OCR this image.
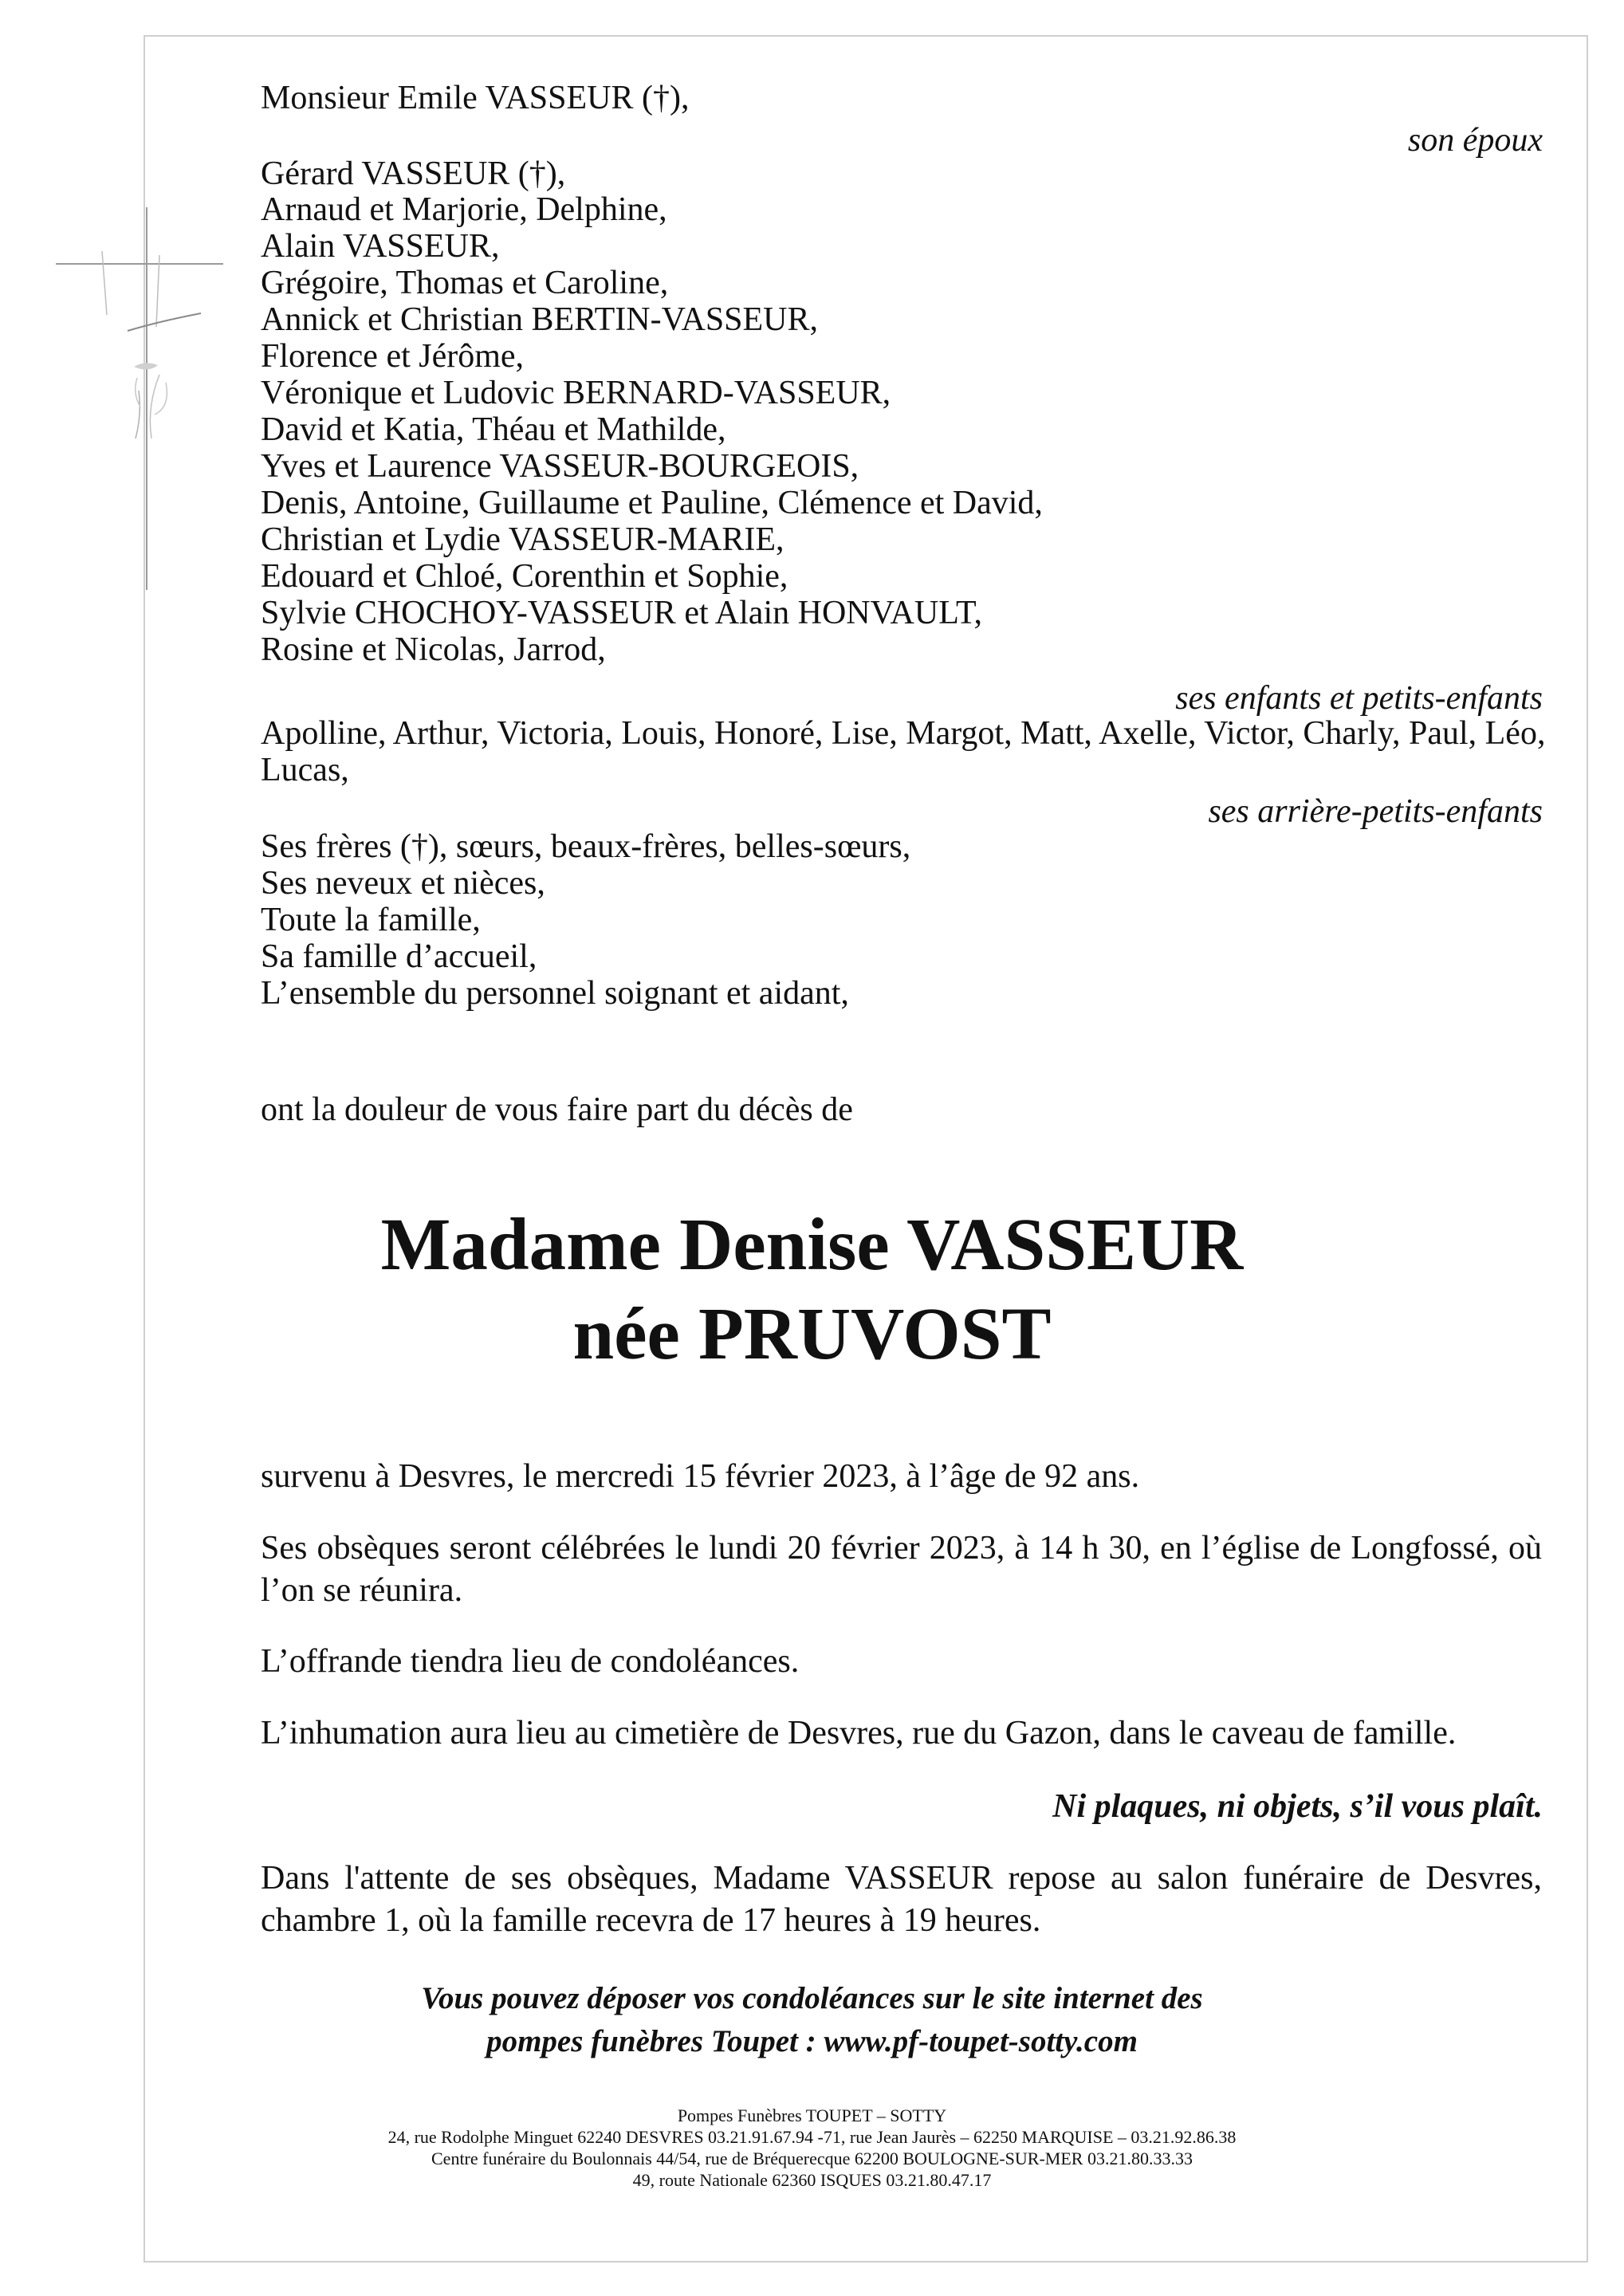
Monsieur Emile VASSEUR (†),
son époux
Gérard VASSEUR (†),
Arnaud et Marjorie, Delphine,
Alain VASSEUR,
Grégoire, Thomas et Caroline,
Annick et Christian BERTIN-VASSEUR,
Florence et Jérôme,
Véronique et Ludovic BERNARD-VASSEUR,
David et Katia, Théau et Mathilde,
Yves et Laurence VASSEUR-BOURGEOIS,
Denis, Antoine, Guillaume et Pauline, Clémence et David,
Christian et Lydie VASSEUR-MARIE,
Edouard et Chloé, Corenthin et Sophie,
Sylvie CHOCHOY-VASSEUR et Alain HONVAULT,
Rosine et Nicolas, Jarrod,
ses enfants et petits-enfants
Apolline, Arthur, Victoria, Louis, Honoré, Lise, Margot, Matt, Axelle, Victor, Charly, Paul, Léo,
Lucas,
ses arrière-petits-enfants
Ses frères (†), sœurs, beaux-frères, belles-sœurs,
Ses neveux et nièces,
Toute la famille,
Sa famille d’accueil,
L’ensemble du personnel soignant et aidant,
ont la douleur de vous faire part du décès de
Madame Denise VASSEUR
née PRUVOST
survenu à Desvres, le mercredi 15 février 2023, à l’âge de 92 ans.
Ses obsèques seront célébrées le lundi 20 février 2023, à 14 h 30, en l’église de Longfossé, où l’on se réunira.
L’offrande tiendra lieu de condoléances.
L’inhumation aura lieu au cimetière de Desvres, rue du Gazon, dans le caveau de famille.
Ni plaques, ni objets, s’il vous plaît.
Dans l'attente de ses obsèques, Madame VASSEUR repose au salon funéraire de Desvres, chambre 1, où la famille recevra de 17 heures à 19 heures.
Vous pouvez déposer vos condoléances sur le site internet des
pompes funèbres Toupet : www.pf-toupet-sotty.com
Pompes Funèbres TOUPET – SOTTY
24, rue Rodolphe Minguet 62240 DESVRES 03.21.91.67.94 -71, rue Jean Jaurès – 62250 MARQUISE – 03.21.92.86.38
Centre funéraire du Boulonnais 44/54, rue de Bréquerecque 62200 BOULOGNE-SUR-MER 03.21.80.33.33
49, route Nationale 62360 ISQUES 03.21.80.47.17
